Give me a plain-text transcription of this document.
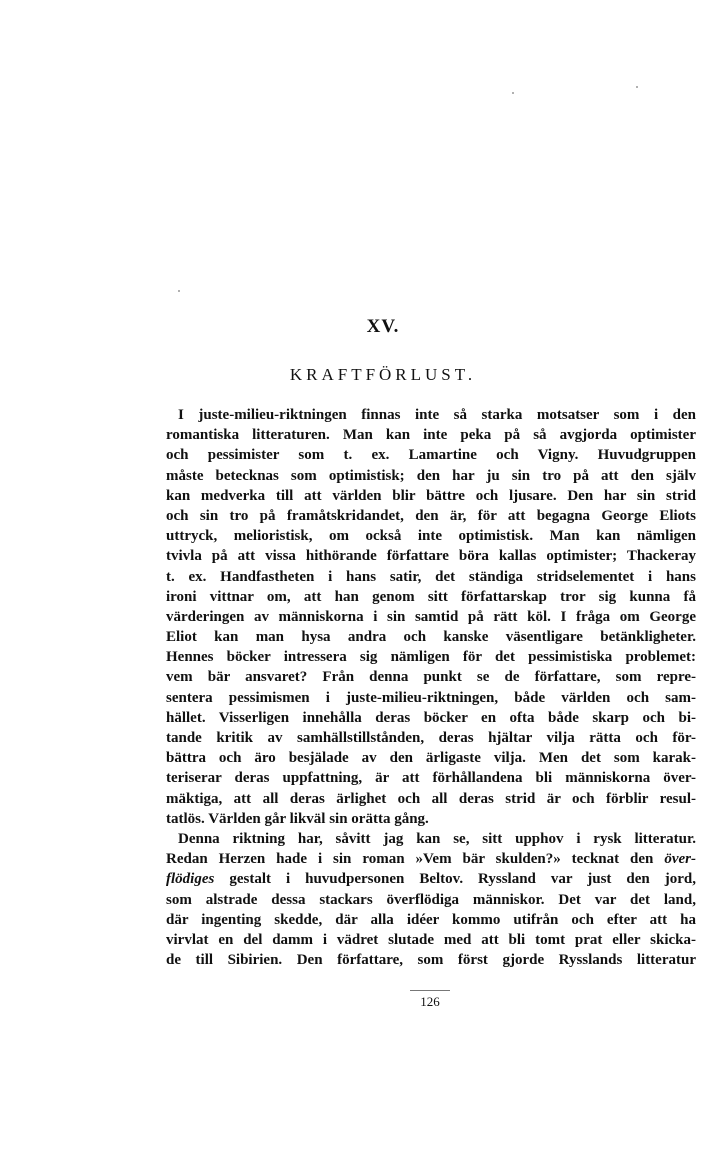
XV.
KRAFTFÖRLUST.
I juste-milieu-riktningen finnas inte så starka motsatser som i den
romantiska litteraturen. Man kan inte peka på så avgjorda optimister
och pessimister som t. ex. Lamartine och Vigny. Huvudgruppen
måste betecknas som optimistisk; den har ju sin tro på att den själv
kan medverka till att världen blir bättre och ljusare. Den har sin strid
och sin tro på framåtskridandet, den är, för att begagna George Eliots
uttryck, melioristisk, om också inte optimistisk. Man kan nämligen
tvivla på att vissa hithörande författare böra kallas optimister; Thackeray
t. ex. Handfastheten i hans satir, det ständiga stridselementet i hans
ironi vittnar om, att han genom sitt författarskap tror sig kunna få
värderingen av människorna i sin samtid på rätt köl. I fråga om George
Eliot kan man hysa andra och kanske väsentligare betänkligheter.
Hennes böcker intressera sig nämligen för det pessimistiska problemet:
vem bär ansvaret? Från denna punkt se de författare, som repre-
sentera pessimismen i juste-milieu-riktningen, både världen och sam-
hället. Visserligen innehålla deras böcker en ofta både skarp och bi-
tande kritik av samhällstillstånden, deras hjältar vilja rätta och för-
bättra och äro besjälade av den ärligaste vilja. Men det som karak-
teriserar deras uppfattning, är att förhållandena bli människorna över-
mäktiga, att all deras ärlighet och all deras strid är och förblir resul-
tatlös. Världen går likväl sin orätta gång.
Denna riktning har, såvitt jag kan se, sitt upphov i rysk litteratur.
Redan Herzen hade i sin roman »Vem bär skulden?» tecknat den över-
flödiges gestalt i huvudpersonen Beltov. Ryssland var just den jord,
som alstrade dessa stackars överflödiga människor. Det var det land,
där ingenting skedde, där alla idéer kommo utifrån och efter att ha
virvlat en del damm i vädret slutade med att bli tomt prat eller skicka-
de till Sibirien. Den författare, som först gjorde Rysslands litteratur

126
